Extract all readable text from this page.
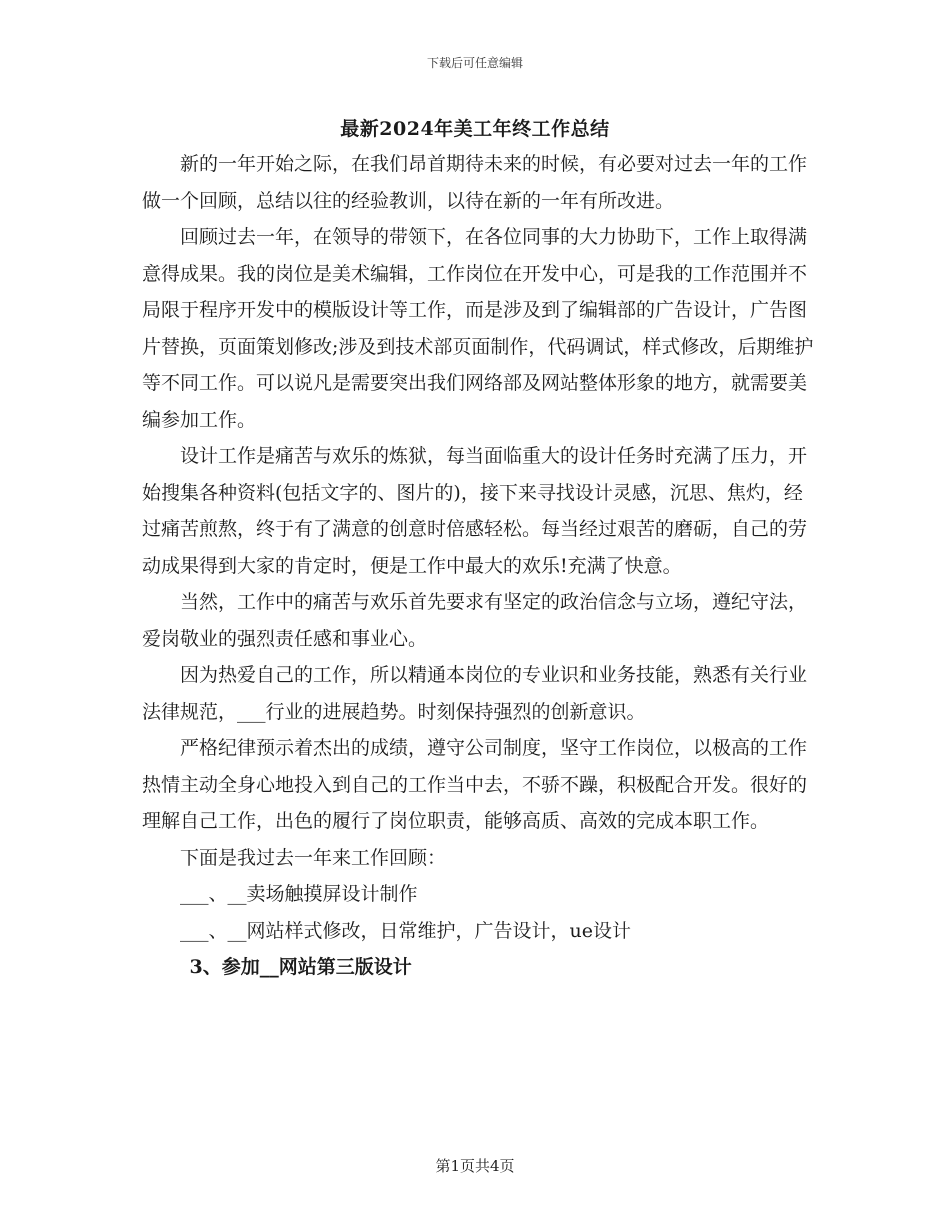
下载后可任意编辑
最新2024年美工年终工作总结

新的一年开始之际，在我们昂首期待未来的时候，有必要对过去一年的工作做一个回顾，总结以往的经验教训，以待在新的一年有所改进。

回顾过去一年，在领导的带领下，在各位同事的大力协助下，工作上取得满意得成果。我的岗位是美术编辑，工作岗位在开发中心，可是我的工作范围并不局限于程序开发中的模版设计等工作，而是涉及到了编辑部的广告设计，广告图片替换，页面策划修改;涉及到技术部页面制作，代码调试，样式修改，后期维护等不同工作。可以说凡是需要突出我们网络部及网站整体形象的地方，就需要美编参加工作。

设计工作是痛苦与欢乐的炼狱，每当面临重大的设计任务时充满了压力，开始搜集各种资料(包括文字的、图片的)，接下来寻找设计灵感，沉思、焦灼，经过痛苦煎熬，终于有了满意的创意时倍感轻松。每当经过艰苦的磨砺，自己的劳动成果得到大家的肯定时，便是工作中最大的欢乐!充满了快意。

当然，工作中的痛苦与欢乐首先要求有坚定的政治信念与立场，遵纪守法，爱岗敬业的强烈责任感和事业心。

因为热爱自己的工作，所以精通本岗位的专业识和业务技能，熟悉有关行业法律规范，___行业的进展趋势。时刻保持强烈的创新意识。

严格纪律预示着杰出的成绩，遵守公司制度，坚守工作岗位，以极高的工作热情主动全身心地投入到自己的工作当中去，不骄不躁，积极配合开发。很好的理解自己工作，出色的履行了岗位职责，能够高质、高效的完成本职工作。

下面是我过去一年来工作回顾：

___、__卖场触摸屏设计制作

___、__网站样式修改，日常维护，广告设计，ue设计

3、参加__网站第三版设计

第1页共4页
